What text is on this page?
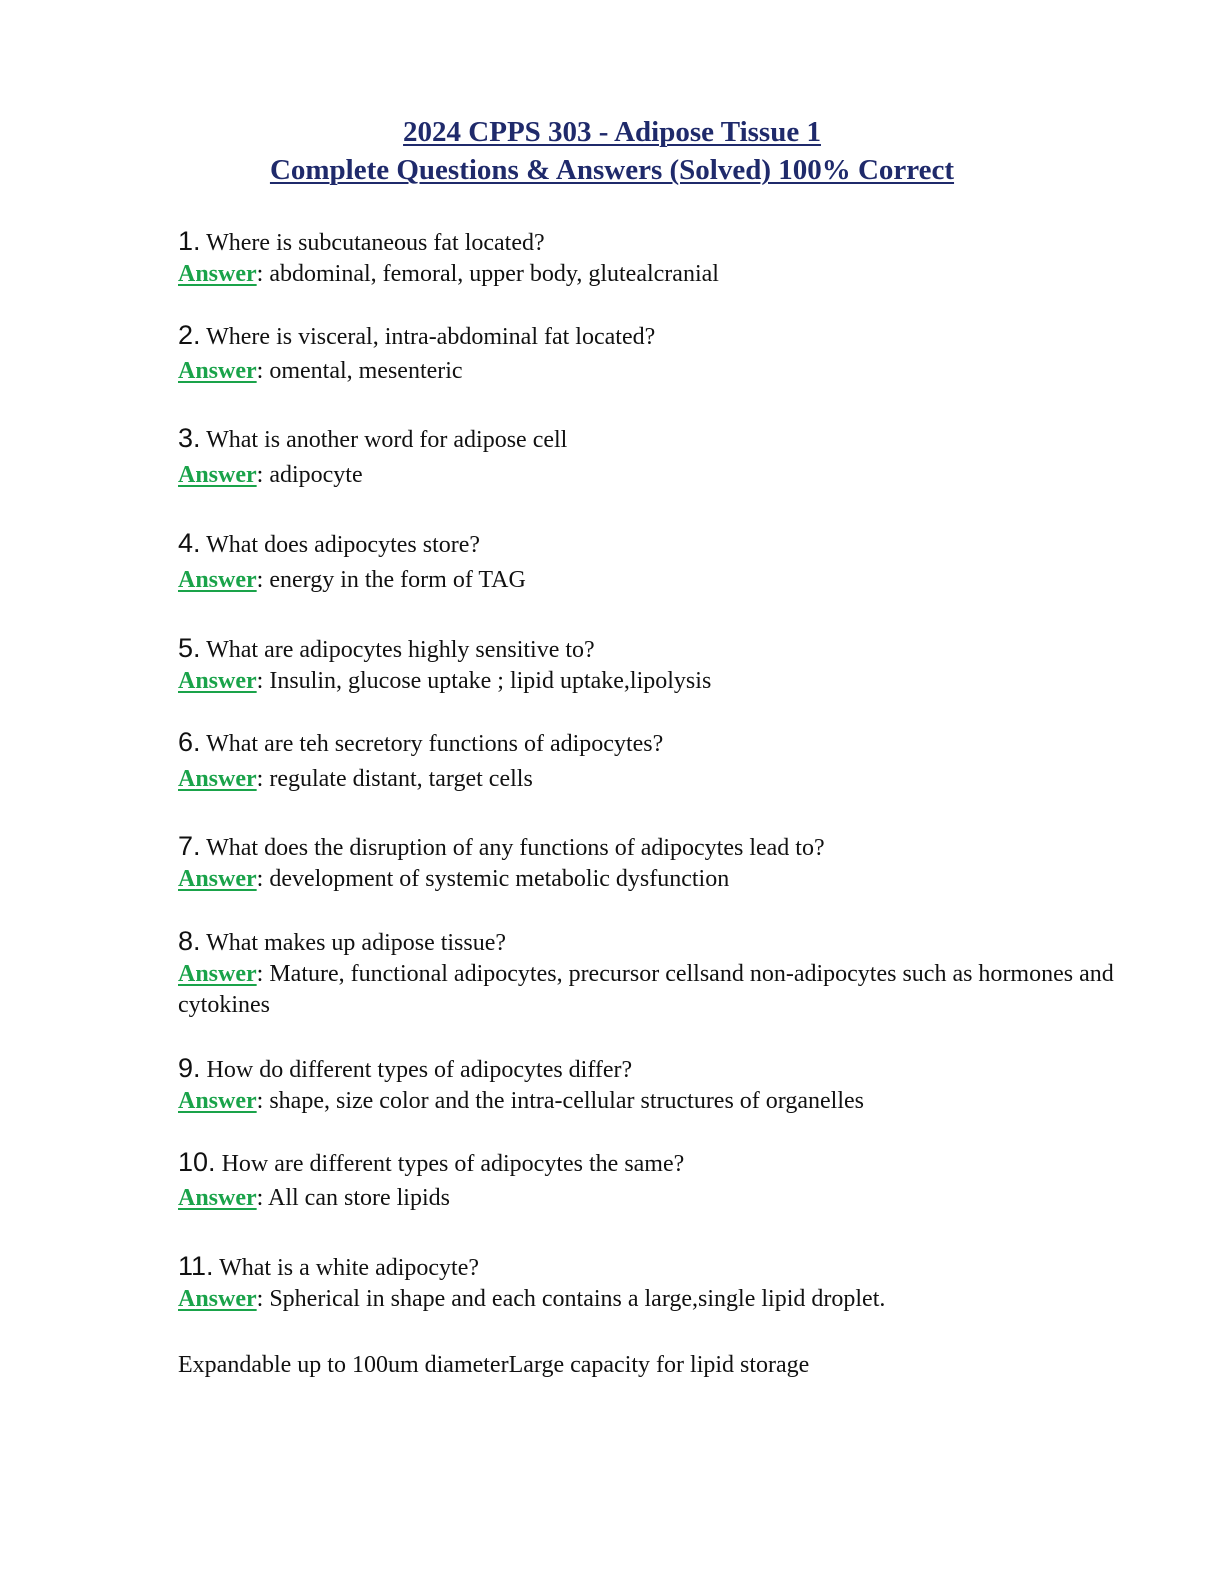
2024 CPPS 303 - Adipose Tissue 1
Complete Questions & Answers (Solved) 100% Correct
1. Where is subcutaneous fat located?
Answer: abdominal, femoral, upper body, glutealcranial
2. Where is visceral, intra-abdominal fat located?
Answer: omental, mesenteric
3. What is another word for adipose cell
Answer: adipocyte
4. What does adipocytes store?
Answer: energy in the form of TAG
5. What are adipocytes highly sensitive to?
Answer: Insulin, glucose uptake ; lipid uptake,lipolysis
6. What are teh secretory functions of adipocytes?
Answer: regulate distant, target cells
7. What does the disruption of any functions of adipocytes lead to?
Answer: development of systemic metabolic dysfunction
8. What makes up adipose tissue?
Answer: Mature, functional adipocytes, precursor cellsand non-adipocytes such as hormones and cytokines
9. How do different types of adipocytes differ?
Answer: shape, size color and the intra-cellular structures of organelles
10. How are different types of adipocytes the same?
Answer: All can store lipids
11. What is a white adipocyte?
Answer: Spherical in shape and each contains a large,single lipid droplet.
Expandable up to 100um diameterLarge capacity for lipid storage
